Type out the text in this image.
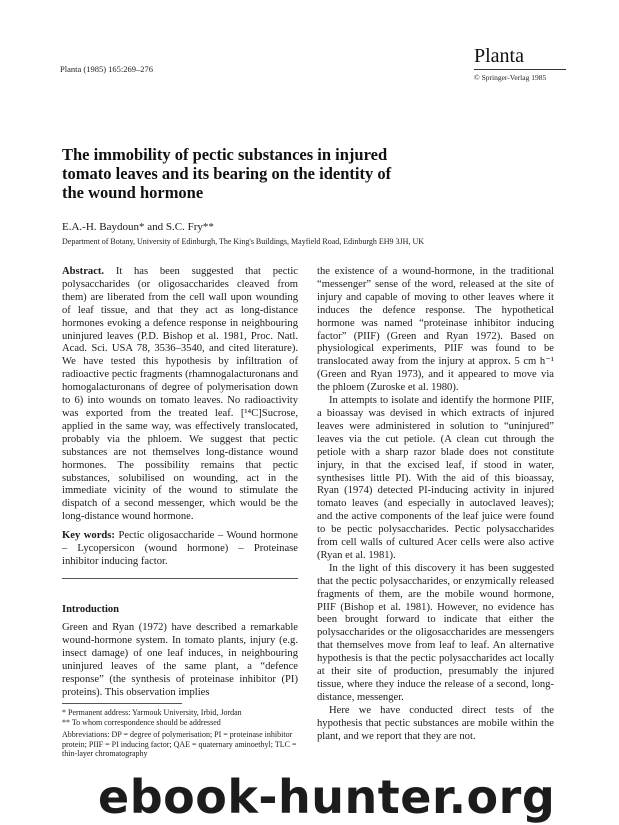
Planta (1985) 165:269–276
Planta
© Springer-Verlag 1985
The immobility of pectic substances in injured tomato leaves and its bearing on the identity of the wound hormone
E.A.-H. Baydoun* and S.C. Fry**
Department of Botany, University of Edinburgh, The King's Buildings, Mayfield Road, Edinburgh EH9 3JH, UK

Abstract. It has been suggested that pectic polysaccharides (or oligosaccharides cleaved from them) are liberated from the cell wall upon wounding of leaf tissue, and that they act as long-distance hormones evoking a defence response in neighbouring uninjured leaves (P.D. Bishop et al. 1981, Proc. Natl. Acad. Sci. USA 78, 3536–3540, and cited literature). We have tested this hypothesis by infiltration of radioactive pectic fragments (rhamnogalacturonans and homogalacturonans of degree of polymerisation down to 6) into wounds on tomato leaves. No radioactivity was exported from the treated leaf. [¹⁴C]Sucrose, applied in the same way, was effectively translocated, probably via the phloem. We suggest that pectic substances are not themselves long-distance wound hormones. The possibility remains that pectic substances, solubilised on wounding, act in the immediate vicinity of the wound to stimulate the dispatch of a second messenger, which would be the long-distance wound hormone.

Key words: Pectic oligosaccharide – Wound hormone – Lycopersicon (wound hormone) – Proteinase inhibitor inducing factor.

Introduction
Green and Ryan (1972) have described a remarkable wound-hormone system. In tomato plants, injury (e.g. insect damage) of one leaf induces, in neighbouring uninjured leaves of the same plant, a “defence response” (the synthesis of proteinase inhibitor (PI) proteins). This observation implies

* Permanent address: Yarmouk University, Irbid, Jordan

** To whom correspondence should be addressed

Abbreviations: DP = degree of polymerisation; PI = proteinase inhibitor protein; PIIF = PI inducing factor; QAE = quaternary aminoethyl; TLC = thin-layer chromatography

the existence of a wound-hormone, in the traditional “messenger” sense of the word, released at the site of injury and capable of moving to other leaves where it induces the defence response. The hypothetical hormone was named “proteinase inhibitor inducing factor” (PIIF) (Green and Ryan 1972). Based on physiological experiments, PIIF was found to be translocated away from the injury at approx. 5 cm h⁻¹ (Green and Ryan 1973), and it appeared to move via the phloem (Zuroske et al. 1980).

In attempts to isolate and identify the hormone PIIF, a bioassay was devised in which extracts of injured leaves were administered in solution to “uninjured” leaves via the cut petiole. (A clean cut through the petiole with a sharp razor blade does not constitute injury, in that the excised leaf, if stood in water, synthesises little PI). With the aid of this bioassay, Ryan (1974) detected PI-inducing activity in injured tomato leaves (and especially in autoclaved leaves); and the active components of the leaf juice were found to be pectic polysaccharides. Pectic polysaccharides from cell walls of cultured Acer cells were also active (Ryan et al. 1981).

In the light of this discovery it has been suggested that the pectic polysaccharides, or enzymically released fragments of them, are the mobile wound hormone, PIIF (Bishop et al. 1981). However, no evidence has been brought forward to indicate that either the polysaccharides or the oligosaccharides are messengers that themselves move from leaf to leaf. An alternative hypothesis is that the pectic polysaccharides act locally at their site of production, presumably the injured tissue, where they induce the release of a second, long-distance, messenger.

Here we have conducted direct tests of the hypothesis that pectic substances are mobile within the plant, and we report that they are not.

ebook-hunter.org
